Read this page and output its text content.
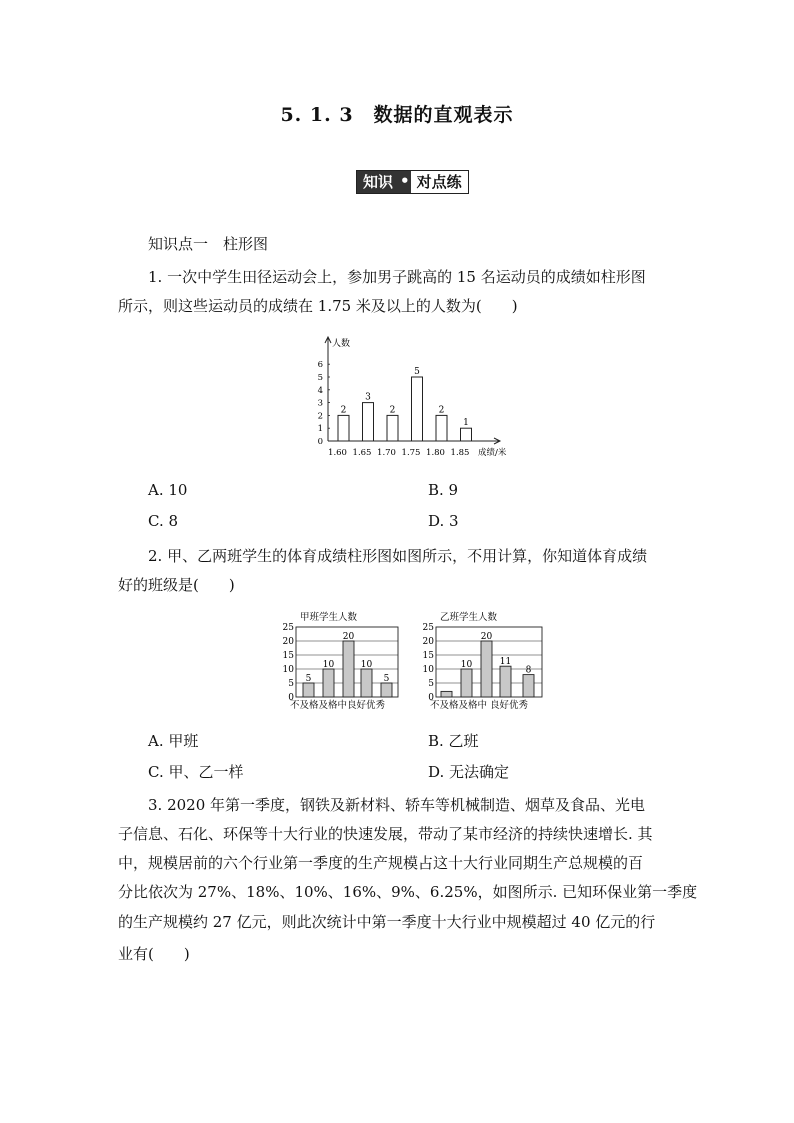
5. 1. 3　数据的直观表示
知识 • 对点练
知识点一　柱形图
1. 一次中学生田径运动会上，参加男子跳高的 15 名运动员的成绩如柱形图
所示，则这些运动员的成绩在 1.75 米及以上的人数为(　　)
人数
0
1
2
3
4
5
6
2
1.60
3
1.65
2
1.70
5
1.75
2
1.80
1
1.85 成绩/米
A. 10	B. 9
C. 8	D. 3
2. 甲、乙两班学生的体育成绩柱形图如图所示，不用计算，你知道体育成绩
好的班级是(　　)
甲班学生人数
0
5
10
15
20
25
5
10
20
10
5
不及格及格中良好优秀
乙班学生人数
0
5
10
15
20
25
10
20
11
8
不及格及格中 良好优秀
A. 甲班	B. 乙班
C. 甲、乙一样	D. 无法确定
3. 2020 年第一季度，钢铁及新材料、轿车等机械制造、烟草及食品、光电
子信息、石化、环保等十大行业的快速发展，带动了某市经济的持续快速增长. 其
中，规模居前的六个行业第一季度的生产规模占这十大行业同期生产总规模的百
分比依次为 27%、18%、10%、16%、9%、6.25%，如图所示. 已知环保业第一季度
的生产规模约 27 亿元，则此次统计中第一季度十大行业中规模超过 40 亿元的行
业有(　　)
